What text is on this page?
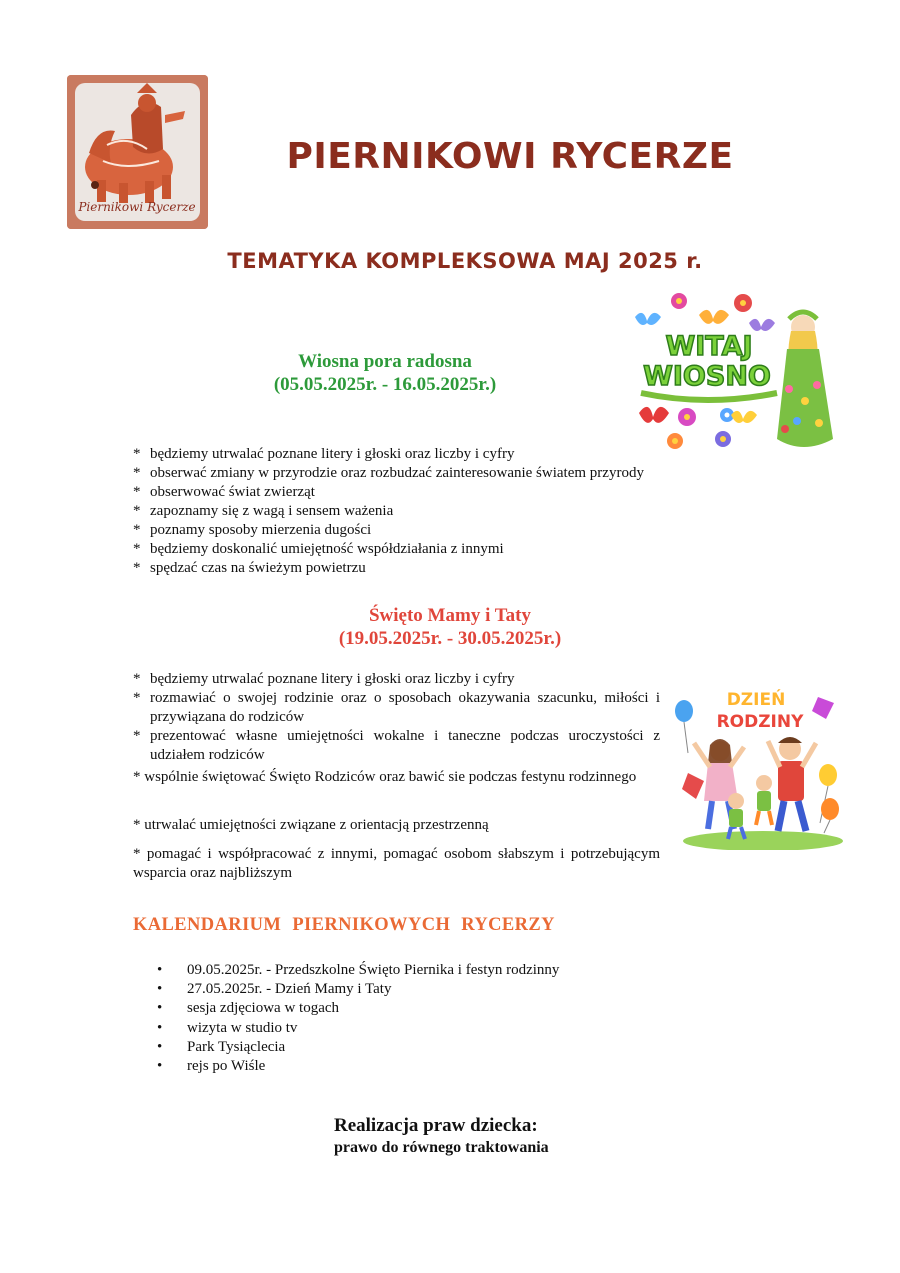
Piernikowi Rycerze
PIERNIKOWI RYCERZE
TEMATYKA KOMPLEKSOWA MAJ 2025 r.
WITAJ
WIOSNO
Wiosna pora radosna
(05.05.2025r. - 16.05.2025r.)
* będziemy utrwalać poznane litery i głoski oraz liczby i cyfry
* obserwać zmiany w przyrodzie oraz rozbudzać zainteresowanie światem przyrody
* obserwować świat zwierząt
* zapoznamy się z wagą i sensem ważenia
* poznamy sposoby mierzenia dugości
* będziemy doskonalić umiejętność współdziałania z innymi
* spędzać czas na świeżym powietrzu
Święto Mamy i Taty
(19.05.2025r. - 30.05.2025r.)
* będziemy utrwalać poznane litery i głoski oraz liczby i cyfry
* rozmawiać o swojej rodzinie oraz o sposobach okazywania szacunku, miłości i przywiązana do rodziców
* prezentować własne umiejętności wokalne i taneczne podczas uroczystości z udziałem rodziców

* wspólnie świętować Święto Rodziców oraz bawić sie podczas festynu rodzinnego

* utrwalać umiejętności związane z orientacją przestrzenną

* pomagać i współpracować z innymi, pomagać osobom słabszym i potrzebującym wsparcia oraz najbliższym

DZIEŃ
RODZINY
KALENDARIUM PIERNIKOWYCH RYCERZY
• 09.05.2025r. - Przedszkolne Święto Piernika i festyn rodzinny
• 27.05.2025r. - Dzień Mamy i Taty
• sesja zdjęciowa w togach
• wizyta w studio tv
• Park Tysiąclecia
• rejs po Wiśle

Realizacja praw dziecka:

prawo do równego traktowania
